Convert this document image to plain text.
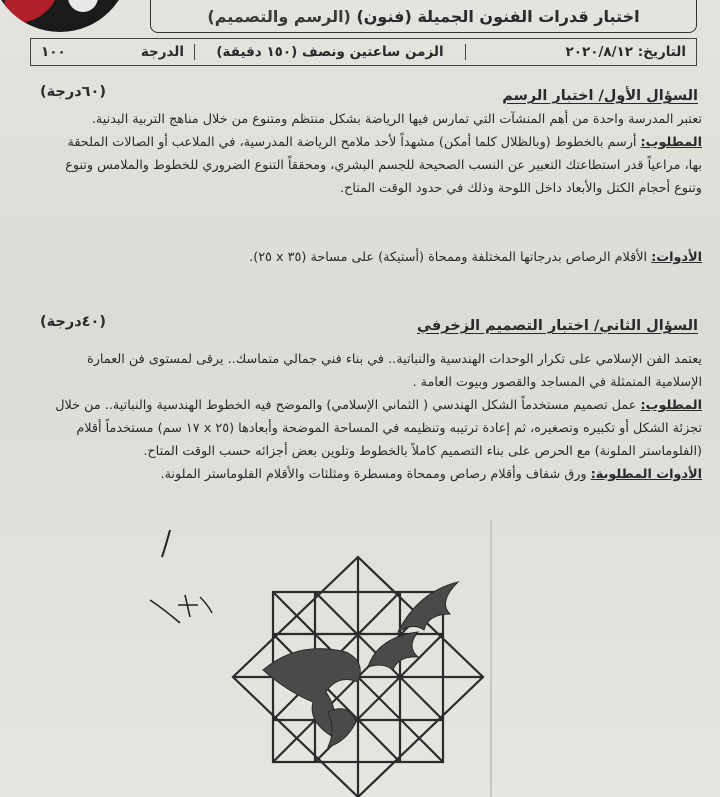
اختبار قدرات الفنون الجميلة (فنون)

(الرسم والتصميم)
التاريخ: ٢٠٢٠/٨/١٢
الزمن ساعتين ونصف (١٥٠ دقيقة)
الدرجة
١٠٠
السؤال الأول/ اختبار الرسم
(٦٠درجة)
تعتبر المدرسة واحدة من أهم المنشآت التي تمارس فيها الرياضة بشكل منتظم ومتنوع من خلال مناهج التربية البدنية.
المطلوب: أرسم بالخطوط (وبالظلال كلما أمكن) مشهداً لأحد ملامح الرياضة المدرسية، في الملاعب أو الصالات الملحقة
بها، مراعياً قدر استطاعتك التعبير عن النسب الصحيحة للجسم البشري، ومحققاً التنوع الضروري للخطوط والملامس وتنوع
وتنوع أحجام الكتل والأبعاد داخل اللوحة وذلك في حدود الوقت المتاح.
الأدوات: الأقلام الرصاص بدرجاتها المختلفة وممحاة (أستيكة) على مساحة (٣٥ x ٢٥).
السؤال الثاني/ اختبار التصميم الزخرفي
(٤٠درجة)
يعتمد الفن الإسلامي على تكرار الوحدات الهندسية والنباتية.. في بناء فني جمالي متماسك.. يرقى لمستوى فن العمارة
الإسلامية المتمثلة في المساجد والقصور وبيوت العامة .
المطلوب: عمل تصميم مستخدماً الشكل الهندسي ( الثماني الإسلامي) والموضح فيه الخطوط الهندسية والنباتية.. من خلال
تجزئة الشكل أو تكبيره وتصغيره، ثم إعادة ترتيبه وتنظيمه في المساحة الموضحة وأبعادها (٢٥ x ١٧ سم) مستخدماً أقلام
(الفلوماستر الملونة) مع الحرص على بناء التصميم كاملاً بالخطوط وتلوين بعض أجزائه حسب الوقت المتاح.
الأدوات المطلوبة: ورق شفاف وأقلام رصاص وممحاة ومسطرة ومثلثات والأقلام الفلوماستر الملونة.
